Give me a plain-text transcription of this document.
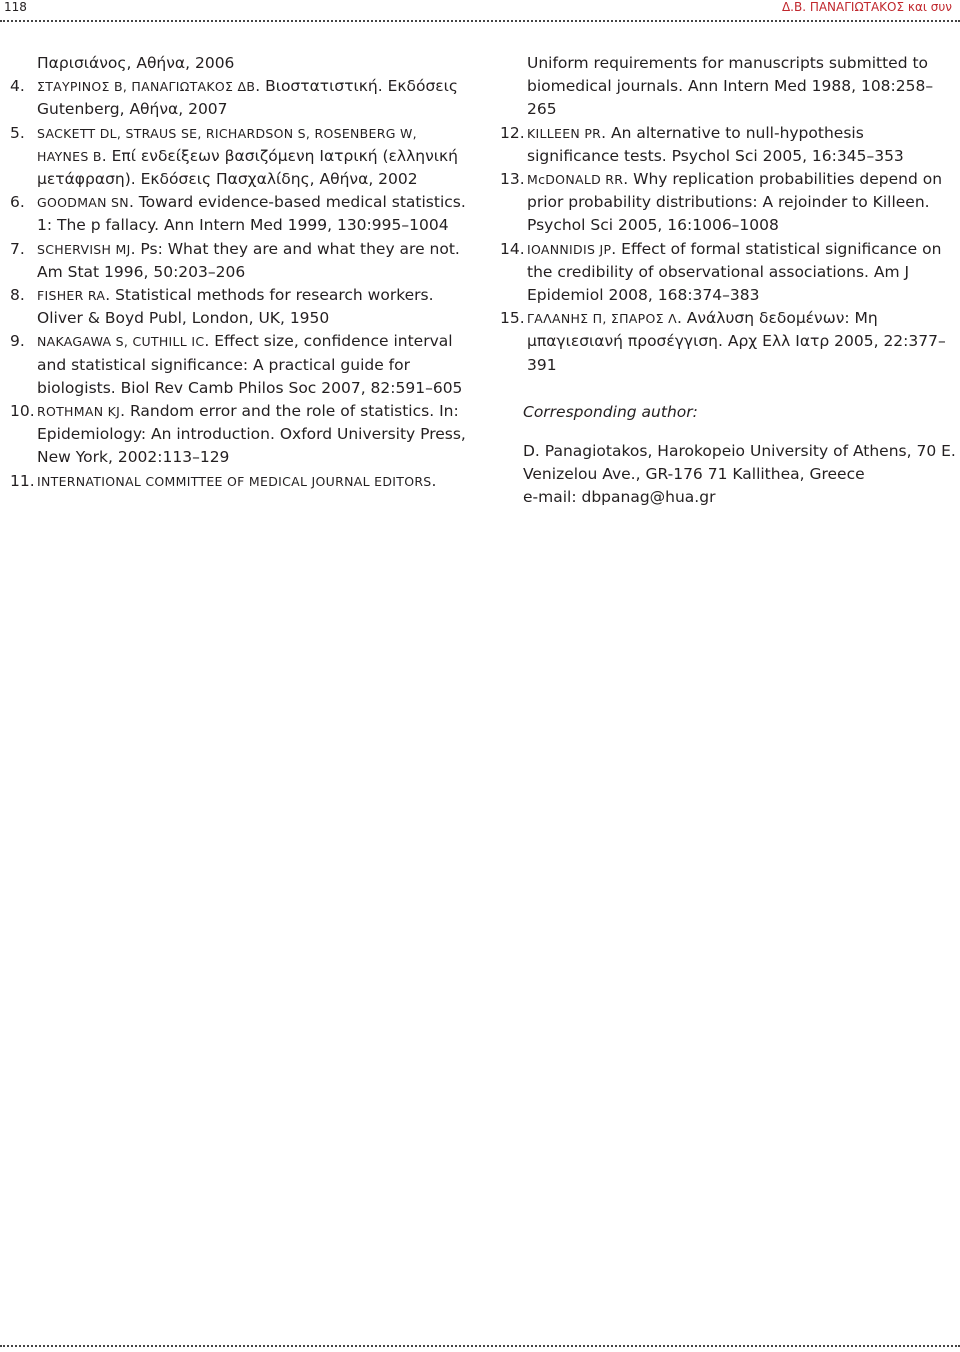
118	Δ.Β. ΠΑΝΑΓΙΩΤΑΚΟΣ και συν
Παρισιάνος, Αθήνα, 2006
4. ΣΤΑΥΡΙΝΟΣ Β, ΠΑΝΑΓΙΩΤΑΚΟΣ ΔΒ. Βιοστατιστική. Εκδόσεις Gutenberg, Αθήνα, 2007
5. SACKETT DL, STRAUS SE, RICHARDSON S, ROSENBERG W, HAYNES B. Επί ενδείξεων βασιζόμενη Ιατρική (ελληνική μετάφραση). Εκδόσεις Πασχαλίδης, Αθήνα, 2002
6. GOODMAN SN. Toward evidence-based medical statistics. 1: The p fallacy. Ann Intern Med 1999, 130:995–1004
7. SCHERVISH MJ. Ps: What they are and what they are not. Am Stat 1996, 50:203–206
8. FISHER RA. Statistical methods for research workers. Oliver & Boyd Publ, London, UK, 1950
9. NAKAGAWA S, CUTHILL IC. Effect size, confidence interval and statistical significance: A practical guide for biologists. Biol Rev Camb Philos Soc 2007, 82:591–605
10. ROTHMAN KJ. Random error and the role of statistics. In: Epidemiology: An introduction. Oxford University Press, New York, 2002:113–129
11. INTERNATIONAL COMMITTEE OF MEDICAL JOURNAL EDITORS.
Uniform requirements for manuscripts submitted to biomedical journals. Ann Intern Med 1988, 108:258–265
12. KILLEEN PR. An alternative to null-hypothesis significance tests. Psychol Sci 2005, 16:345–353
13. McDONALD RR. Why replication probabilities depend on prior probability distributions: A rejoinder to Killeen. Psychol Sci 2005, 16:1006–1008
14. IOANNIDIS JP. Effect of formal statistical significance on the credibility of observational associations. Am J Epidemiol 2008, 168:374–383
15. ΓΑΛΑΝΗΣ Π, ΣΠΑΡΟΣ Λ. Ανάλυση δεδομένων: Μη μπαγιεσιανή προσέγγιση. Αρχ Ελλ Ιατρ 2005, 22:377–391
Corresponding author:
D. Panagiotakos, Harokopeio University of Athens, 70 E. Venizelou Ave., GR-176 71 Kallithea, Greece
e-mail: dbpanag@hua.gr
